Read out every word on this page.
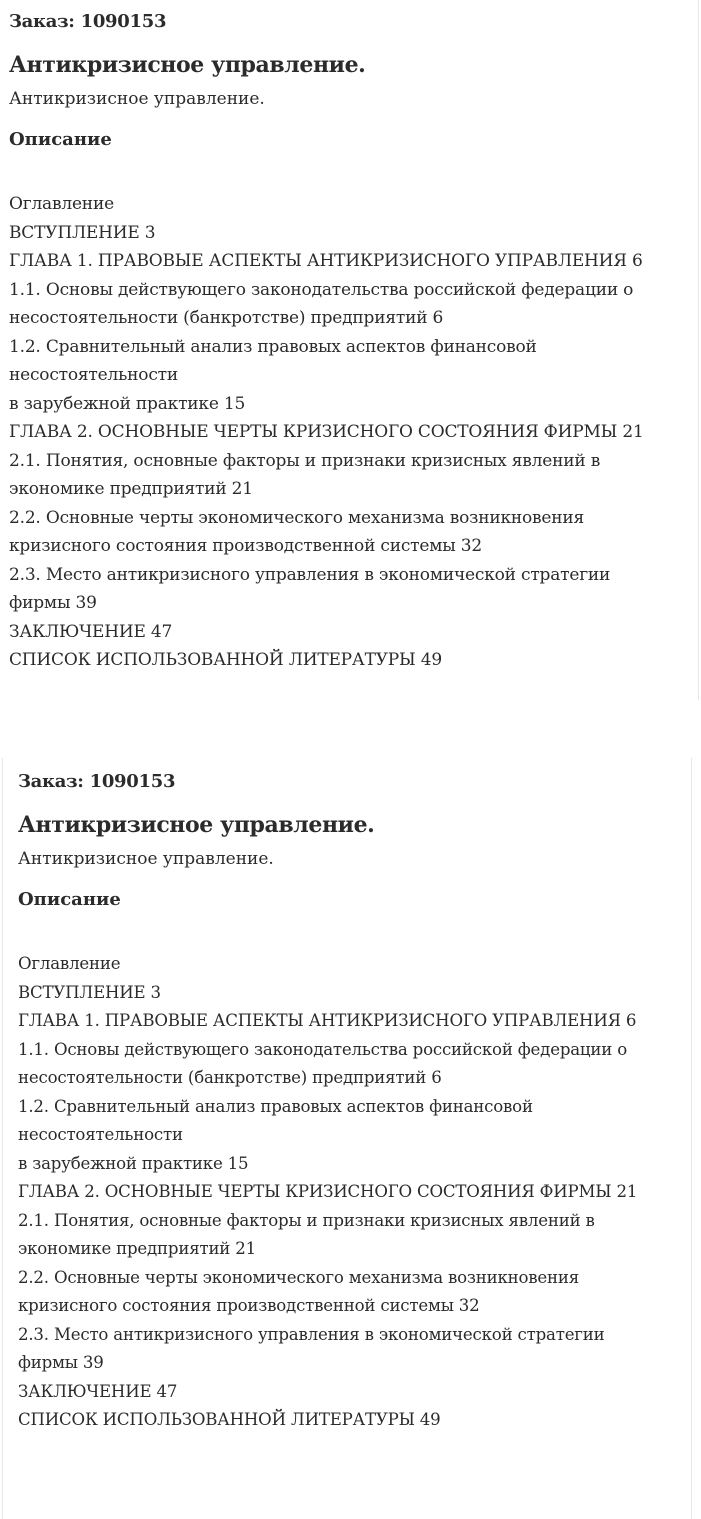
Заказ: 1090153
Антикризисное управление.
Антикризисное управление.
Описание
Оглавление
ВСТУПЛЕНИЕ 3
ГЛАВА 1. ПРАВОВЫЕ АСПЕКТЫ АНТИКРИЗИСНОГО УПРАВЛЕНИЯ 6
1.1. Основы действующего законодательства российской федерации о
несостоятельности (банкротстве) предприятий 6
1.2. Сравнительный анализ правовых аспектов финансовой
несостоятельности
в зарубежной практике 15
ГЛАВА 2. ОСНОВНЫЕ ЧЕРТЫ КРИЗИСНОГО СОСТОЯНИЯ ФИРМЫ 21
2.1. Понятия, основные факторы и признаки кризисных явлений в
экономике предприятий 21
2.2. Основные черты экономического механизма возникновения
кризисного состояния производственной системы 32
2.3. Место антикризисного управления в экономической стратегии
фирмы 39
ЗАКЛЮЧЕНИЕ 47
СПИСОК ИСПОЛЬЗОВАННОЙ ЛИТЕРАТУРЫ 49
Заказ: 1090153
Антикризисное управление.
Антикризисное управление.
Описание
Оглавление
ВСТУПЛЕНИЕ 3
ГЛАВА 1. ПРАВОВЫЕ АСПЕКТЫ АНТИКРИЗИСНОГО УПРАВЛЕНИЯ 6
1.1. Основы действующего законодательства российской федерации о
несостоятельности (банкротстве) предприятий 6
1.2. Сравнительный анализ правовых аспектов финансовой
несостоятельности
в зарубежной практике 15
ГЛАВА 2. ОСНОВНЫЕ ЧЕРТЫ КРИЗИСНОГО СОСТОЯНИЯ ФИРМЫ 21
2.1. Понятия, основные факторы и признаки кризисных явлений в
экономике предприятий 21
2.2. Основные черты экономического механизма возникновения
кризисного состояния производственной системы 32
2.3. Место антикризисного управления в экономической стратегии
фирмы 39
ЗАКЛЮЧЕНИЕ 47
СПИСОК ИСПОЛЬЗОВАННОЙ ЛИТЕРАТУРЫ 49
